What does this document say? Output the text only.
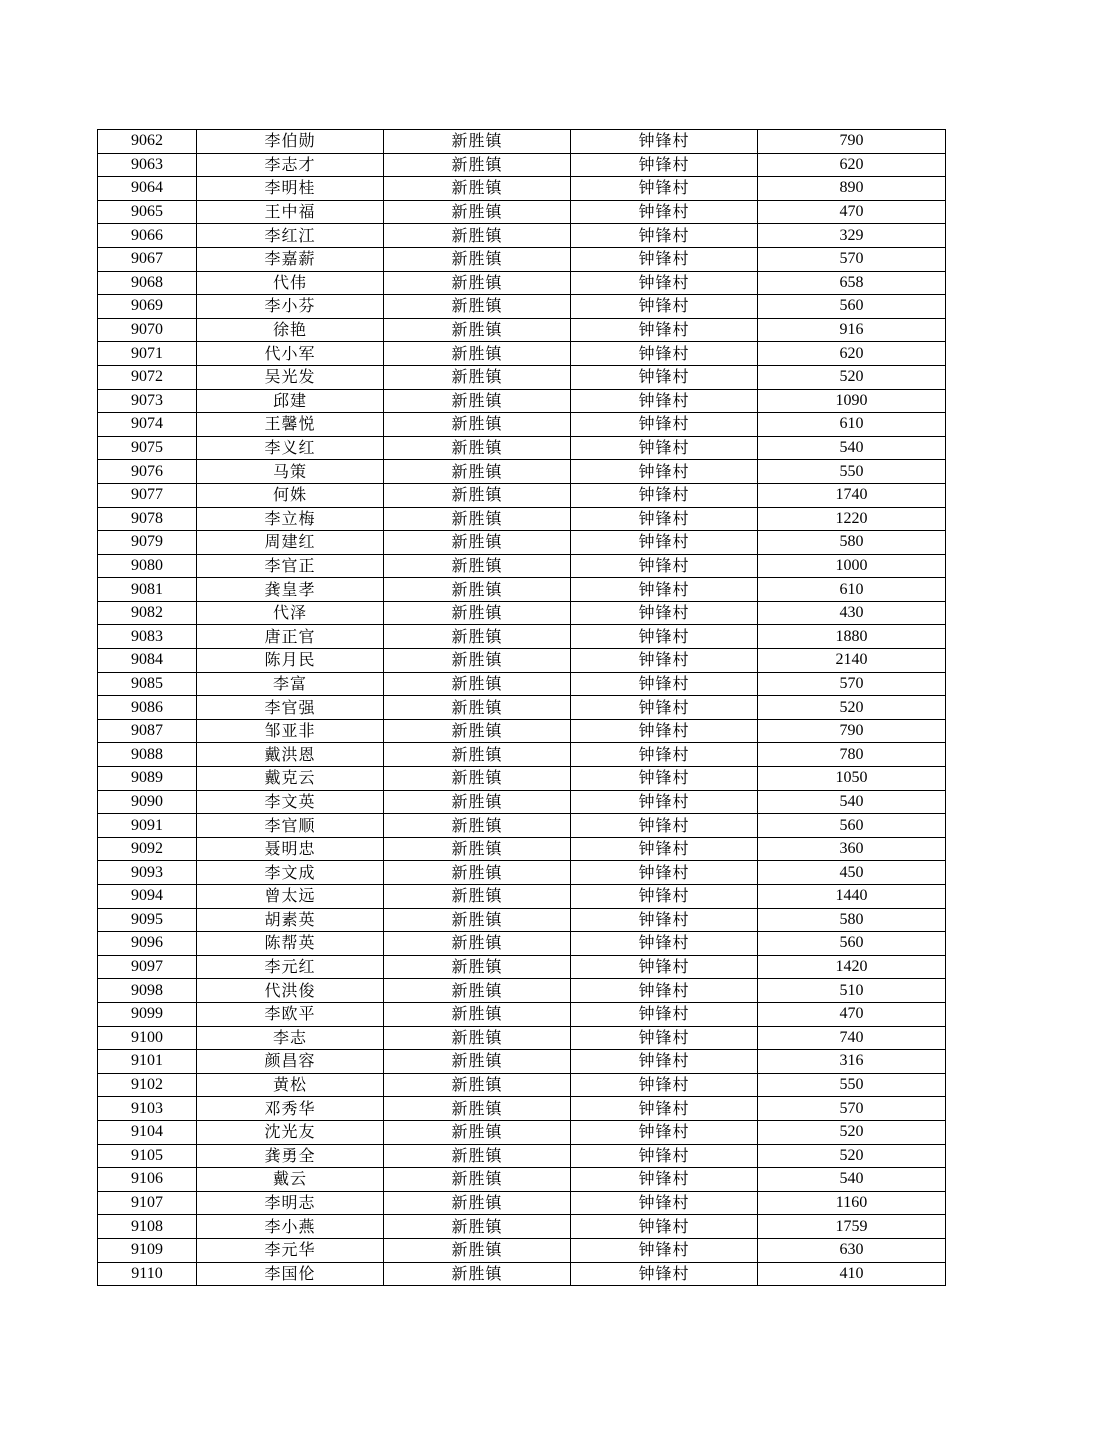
9062	李伯勋	新胜镇	钟锋村	790
9063	李志才	新胜镇	钟锋村	620
9064	李明桂	新胜镇	钟锋村	890
9065	王中福	新胜镇	钟锋村	470
9066	李红江	新胜镇	钟锋村	329
9067	李嘉薪	新胜镇	钟锋村	570
9068	代伟	新胜镇	钟锋村	658
9069	李小芬	新胜镇	钟锋村	560
9070	徐艳	新胜镇	钟锋村	916
9071	代小军	新胜镇	钟锋村	620
9072	吴光发	新胜镇	钟锋村	520
9073	邱建	新胜镇	钟锋村	1090
9074	王馨悦	新胜镇	钟锋村	610
9075	李义红	新胜镇	钟锋村	540
9076	马策	新胜镇	钟锋村	550
9077	何姝	新胜镇	钟锋村	1740
9078	李立梅	新胜镇	钟锋村	1220
9079	周建红	新胜镇	钟锋村	580
9080	李官正	新胜镇	钟锋村	1000
9081	龚皇孝	新胜镇	钟锋村	610
9082	代泽	新胜镇	钟锋村	430
9083	唐正官	新胜镇	钟锋村	1880
9084	陈月民	新胜镇	钟锋村	2140
9085	李富	新胜镇	钟锋村	570
9086	李官强	新胜镇	钟锋村	520
9087	邹亚非	新胜镇	钟锋村	790
9088	戴洪恩	新胜镇	钟锋村	780
9089	戴克云	新胜镇	钟锋村	1050
9090	李文英	新胜镇	钟锋村	540
9091	李官顺	新胜镇	钟锋村	560
9092	聂明忠	新胜镇	钟锋村	360
9093	李文成	新胜镇	钟锋村	450
9094	曾太远	新胜镇	钟锋村	1440
9095	胡素英	新胜镇	钟锋村	580
9096	陈帮英	新胜镇	钟锋村	560
9097	李元红	新胜镇	钟锋村	1420
9098	代洪俊	新胜镇	钟锋村	510
9099	李欧平	新胜镇	钟锋村	470
9100	李志	新胜镇	钟锋村	740
9101	颜昌容	新胜镇	钟锋村	316
9102	黄松	新胜镇	钟锋村	550
9103	邓秀华	新胜镇	钟锋村	570
9104	沈光友	新胜镇	钟锋村	520
9105	龚勇全	新胜镇	钟锋村	520
9106	戴云	新胜镇	钟锋村	540
9107	李明志	新胜镇	钟锋村	1160
9108	李小燕	新胜镇	钟锋村	1759
9109	李元华	新胜镇	钟锋村	630
9110	李国伦	新胜镇	钟锋村	410
